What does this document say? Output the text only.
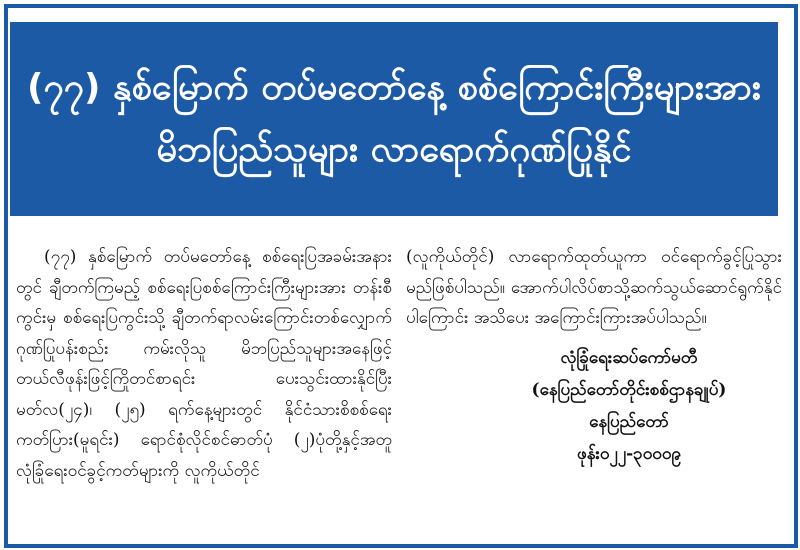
(၇၇) နှစ်မြောက် တပ်မတော်နေ့ စစ်ကြောင်းကြီးများအား
မိဘပြည်သူများ လာရောက်ဂုဏ်ပြုနိုင်

(၇၇) နှစ်မြောက် တပ်မတော်နေ့ စစ်ရေးပြအခမ်းအနားတွင် ချီတက်ကြမည့် စစ်ရေးပြစစ်ကြောင်းကြီးများအား တန်းစီကွင်းမှ စစ်ရေးပြကွင်းသို့ ချီတက်ရာလမ်းကြောင်းတစ်လျှောက် ဂုဏ်ပြုပန်းစည်း ကမ်းလိုသူ မိဘပြည်သူများအနေဖြင့် တယ်လီဖုန်းဖြင့်ကြိုတင်စာရင်း ပေးသွင်းထားနိုင်ပြီး မတ်လ(၂၄)၊ (၂၅) ရက်နေ့များတွင် နိုင်ငံသားစိစစ်ရေးကတ်ပြား(မူရင်း) ရောင်စုံလိုင်စင်ဓာတ်ပုံ (၂)ပုံတို့နှင့်အတူ လုံခြုံရေးဝင်ခွင့်ကတ်များကို လူကိုယ်တိုင်

(လူကိုယ်တိုင်) လာရောက်ထုတ်ယူကာ ဝင်ရောက်ခွင့်ပြုသွားမည်ဖြစ်ပါသည်။ အောက်ပါလိပ်စာသို့ဆက်သွယ်ဆောင်ရွက်နိုင်ပါကြောင်း အသိပေး အကြောင်းကြားအပ်ပါသည်။

လုံခြုံရေးဆပ်ကော်မတီ
(နေပြည်တော်တိုင်းစစ်ဌာနချုပ်)
နေပြည်တော်
ဖုန်း၀၂၂-၃၀၀၀၉
